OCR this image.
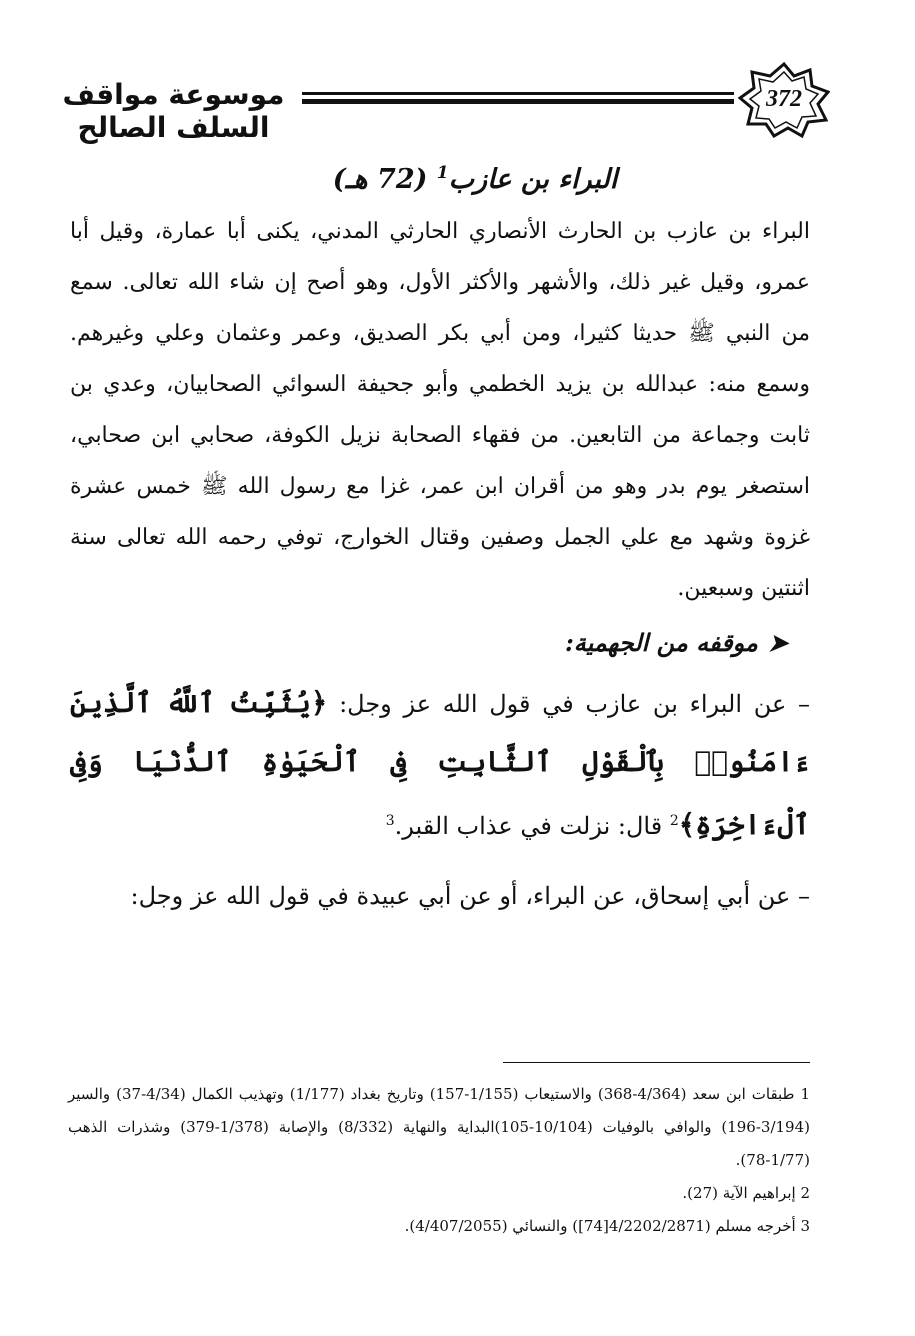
موسوعة مواقف السلف الصالح
372
البراء بن عازب$^1$ (72 هـ)

البراء بن عازب بن الحارث الأنصاري الحارثي المدني، يكنى أبا عمارة، وقيل أبا عمرو، وقيل غير ذلك، والأشهر والأكثر الأول، وهو أصح إن شاء الله تعالى. سمع من النبي ﷺ حديثا كثيرا، ومن أبي بكر الصديق، وعمر وعثمان وعلي وغيرهم. وسمع منه: عبدالله بن يزيد الخطمي وأبو جحيفة السوائي الصحابيان، وعدي بن ثابت وجماعة من التابعين. من فقهاء الصحابة نزيل الكوفة، صحابي ابن صحابي، استصغر يوم بدر وهو من أقران ابن عمر، غزا مع رسول الله ﷺ خمس عشرة غزوة وشهد مع علي الجمل وصفين وقتال الخوارج، توفي رحمه الله تعالى سنة اثنتين وسبعين.

➤موقفه من الجهمية:

– عن البراء بن عازب في قول الله عز وجل: ﴿يُثَبِّتُ ٱللَّهُ ٱلَّذِينَ ءَامَنُوا۟ بِٱلْقَوْلِ ٱلثَّابِتِ فِى ٱلْحَيَوٰةِ ٱلدُّنْيَا وَفِى ٱلْءَاخِرَةِ﴾$^2$ قال: نزلت في عذاب القبر.$^3$

– عن أبي إسحاق، عن البراء، أو عن أبي عبيدة في قول الله عز وجل:

1 طبقات ابن سعد (4/364-368) والاستيعاب (1/155-157) وتاريخ بغداد (1/177) وتهذيب الكمال (4/34-37) والسير (3/194-196) والوافي بالوفيات (10/104-105)البداية والنهاية (8/332) والإصابة (1/378-379) وشذرات الذهب (1/77-78).

2 إبراهيم الآية (27).

3 أخرجه مسلم (4/2202/2871[74]) والنسائي (4/407/2055).
